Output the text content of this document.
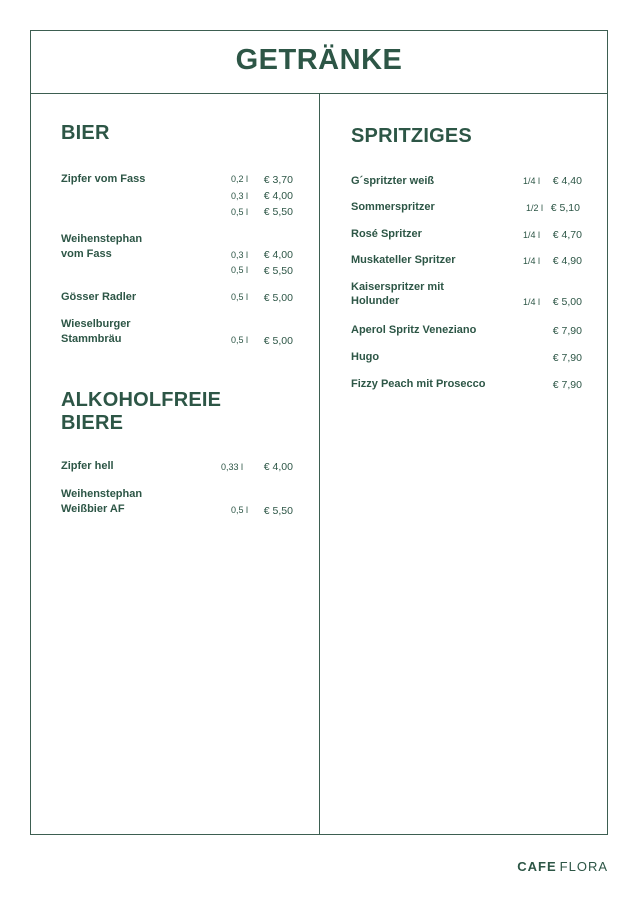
GETRÄNKE
BIER
Zipfer vom Fass	0,2 l	€ 3,70
0,3 l	€ 4,00
0,5 l	€ 5,50
Weihenstephan
vom Fass	0,3 l	€ 4,00
0,5 l	€ 5,50
Gösser Radler	0,5 l	€ 5,00
Wieselburger
Stammbräu	0,5 l	€ 5,00
ALKOHOLFREIE
BIERE
Zipfer hell	0,33 l	€ 4,00
Weihenstephan
Weißbier AF	0,5 l	€ 5,50
SPRITZIGES
G´spritzter weiß	1/4 l	€ 4,40
Sommerspritzer	1/2 l € 5,10
Rosé Spritzer	1/4 l	€ 4,70
Muskateller Spritzer	1/4 l	€ 4,90
Kaiserspritzer mit
Holunder	1/4 l	€ 5,00
Aperol Spritz Veneziano	€ 7,90
Hugo	€ 7,90
Fizzy Peach mit Prosecco	€ 7,90
CAFE FLORA
